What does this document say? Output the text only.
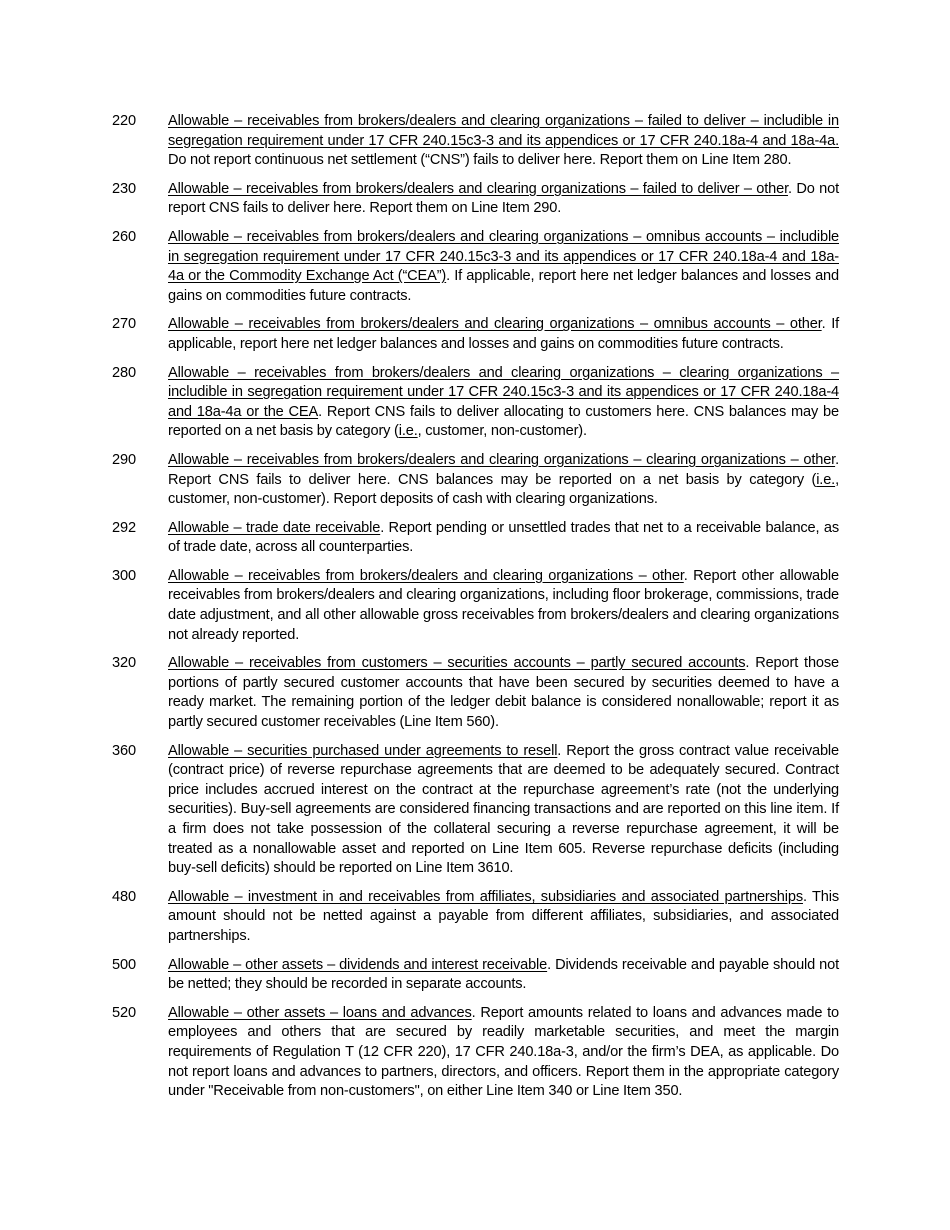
220	Allowable – receivables from brokers/dealers and clearing organizations – failed to deliver – includible in segregation requirement under 17 CFR 240.15c3-3 and its appendices or 17 CFR 240.18a-4 and 18a-4a. Do not report continuous net settlement (“CNS”) fails to deliver here. Report them on Line Item 280.
230	Allowable – receivables from brokers/dealers and clearing organizations – failed to deliver – other. Do not report CNS fails to deliver here. Report them on Line Item 290.
260	Allowable – receivables from brokers/dealers and clearing organizations – omnibus accounts – includible in segregation requirement under 17 CFR 240.15c3-3 and its appendices or 17 CFR 240.18a-4 and 18a-4a or the Commodity Exchange Act (“CEA”). If applicable, report here net ledger balances and losses and gains on commodities future contracts.
270	Allowable – receivables from brokers/dealers and clearing organizations – omnibus accounts – other. If applicable, report here net ledger balances and losses and gains on commodities future contracts.
280	Allowable – receivables from brokers/dealers and clearing organizations – clearing organizations – includible in segregation requirement under 17 CFR 240.15c3-3 and its appendices or 17 CFR 240.18a-4 and 18a-4a or the CEA. Report CNS fails to deliver allocating to customers here. CNS balances may be reported on a net basis by category (i.e., customer, non-customer).
290	Allowable – receivables from brokers/dealers and clearing organizations – clearing organizations – other. Report CNS fails to deliver here. CNS balances may be reported on a net basis by category (i.e., customer, non-customer). Report deposits of cash with clearing organizations.
292	Allowable – trade date receivable. Report pending or unsettled trades that net to a receivable balance, as of trade date, across all counterparties.
300	Allowable – receivables from brokers/dealers and clearing organizations – other. Report other allowable receivables from brokers/dealers and clearing organizations, including floor brokerage, commissions, trade date adjustment, and all other allowable gross receivables from brokers/dealers and clearing organizations not already reported.
320	Allowable – receivables from customers – securities accounts – partly secured accounts. Report those portions of partly secured customer accounts that have been secured by securities deemed to have a ready market. The remaining portion of the ledger debit balance is considered nonallowable; report it as partly secured customer receivables (Line Item 560).
360	Allowable – securities purchased under agreements to resell. Report the gross contract value receivable (contract price) of reverse repurchase agreements that are deemed to be adequately secured. Contract price includes accrued interest on the contract at the repurchase agreement’s rate (not the underlying securities). Buy-sell agreements are considered financing transactions and are reported on this line item. If a firm does not take possession of the collateral securing a reverse repurchase agreement, it will be treated as a nonallowable asset and reported on Line Item 605. Reverse repurchase deficits (including buy-sell deficits) should be reported on Line Item 3610.
480	Allowable – investment in and receivables from affiliates, subsidiaries and associated partnerships. This amount should not be netted against a payable from different affiliates, subsidiaries, and associated partnerships.
500	Allowable – other assets – dividends and interest receivable. Dividends receivable and payable should not be netted; they should be recorded in separate accounts.
520	Allowable – other assets – loans and advances. Report amounts related to loans and advances made to employees and others that are secured by readily marketable securities, and meet the margin requirements of Regulation T (12 CFR 220), 17 CFR 240.18a-3, and/or the firm’s DEA, as applicable. Do not report loans and advances to partners, directors, and officers. Report them in the appropriate category under "Receivable from non-customers", on either Line Item 340 or Line Item 350.
